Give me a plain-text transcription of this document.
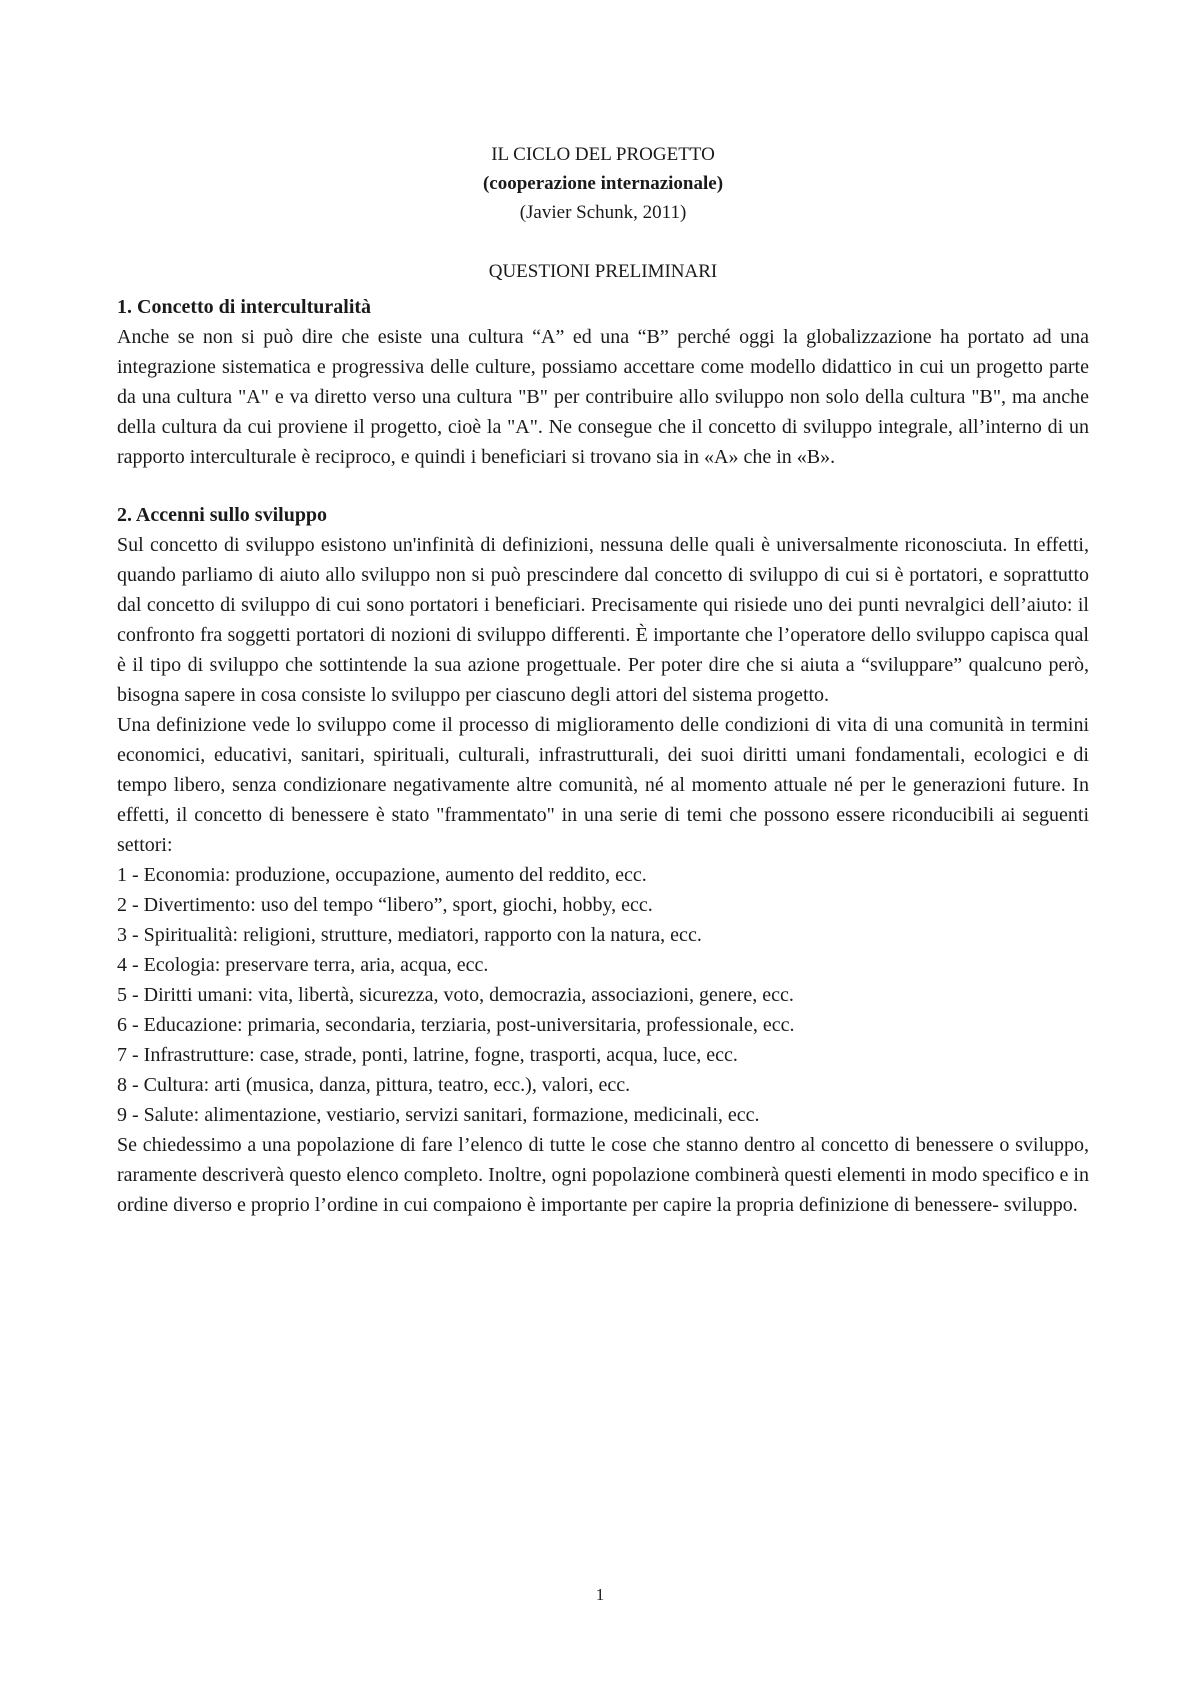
IL CICLO DEL PROGETTO
(cooperazione internazionale)
(Javier Schunk, 2011)
QUESTIONI PRELIMINARI
1. Concetto di interculturalità

Anche se non si può dire che esiste una cultura “A” ed una “B” perché oggi la globalizzazione ha portato ad una integrazione sistematica e progressiva delle culture, possiamo accettare come modello didattico in cui un progetto parte da una cultura "A" e va diretto verso una cultura "B" per contribuire allo sviluppo non solo della cultura "B", ma anche della cultura da cui proviene il progetto, cioè la "A". Ne consegue che il concetto di sviluppo integrale, all’interno di un rapporto interculturale è reciproco, e quindi i beneficiari si trovano sia in «A» che in «B».

2. Accenni sullo sviluppo

Sul concetto di sviluppo esistono un'infinità di definizioni, nessuna delle quali è universalmente riconosciuta. In effetti, quando parliamo di aiuto allo sviluppo non si può prescindere dal concetto di sviluppo di cui si è portatori, e soprattutto dal concetto di sviluppo di cui sono portatori i beneficiari. Precisamente qui risiede uno dei punti nevralgici dell’aiuto: il confronto fra soggetti portatori di nozioni di sviluppo differenti. È importante che l’operatore dello sviluppo capisca qual è il tipo di sviluppo che sottintende la sua azione progettuale. Per poter dire che si aiuta a “sviluppare” qualcuno però, bisogna sapere in cosa consiste lo sviluppo per ciascuno degli attori del sistema progetto.

Una definizione vede lo sviluppo come il processo di miglioramento delle condizioni di vita di una comunità in termini economici, educativi, sanitari, spirituali, culturali, infrastrutturali, dei suoi diritti umani fondamentali, ecologici e di tempo libero, senza condizionare negativamente altre comunità, né al momento attuale né per le generazioni future. In effetti, il concetto di benessere è stato "frammentato" in una serie di temi che possono essere riconducibili ai seguenti settori:

1 - Economia: produzione, occupazione, aumento del reddito, ecc.
2 - Divertimento: uso del tempo “libero”, sport, giochi, hobby, ecc.
3 - Spiritualità: religioni, strutture, mediatori, rapporto con la natura, ecc.
4 - Ecologia: preservare terra, aria, acqua, ecc.
5 - Diritti umani: vita, libertà, sicurezza, voto, democrazia, associazioni, genere, ecc.
6 - Educazione: primaria, secondaria, terziaria, post-universitaria, professionale, ecc.
7 - Infrastrutture: case, strade, ponti, latrine, fogne, trasporti, acqua, luce, ecc.
8 - Cultura: arti (musica, danza, pittura, teatro, ecc.), valori, ecc.
9 - Salute: alimentazione, vestiario, servizi sanitari, formazione, medicinali, ecc.

Se chiedessimo a una popolazione di fare l’elenco di tutte le cose che stanno dentro al concetto di benessere o sviluppo, raramente descriverà questo elenco completo. Inoltre, ogni popolazione combinerà questi elementi in modo specifico e in ordine diverso e proprio l’ordine in cui compaiono è importante per capire la propria definizione di benessere- sviluppo.

1
